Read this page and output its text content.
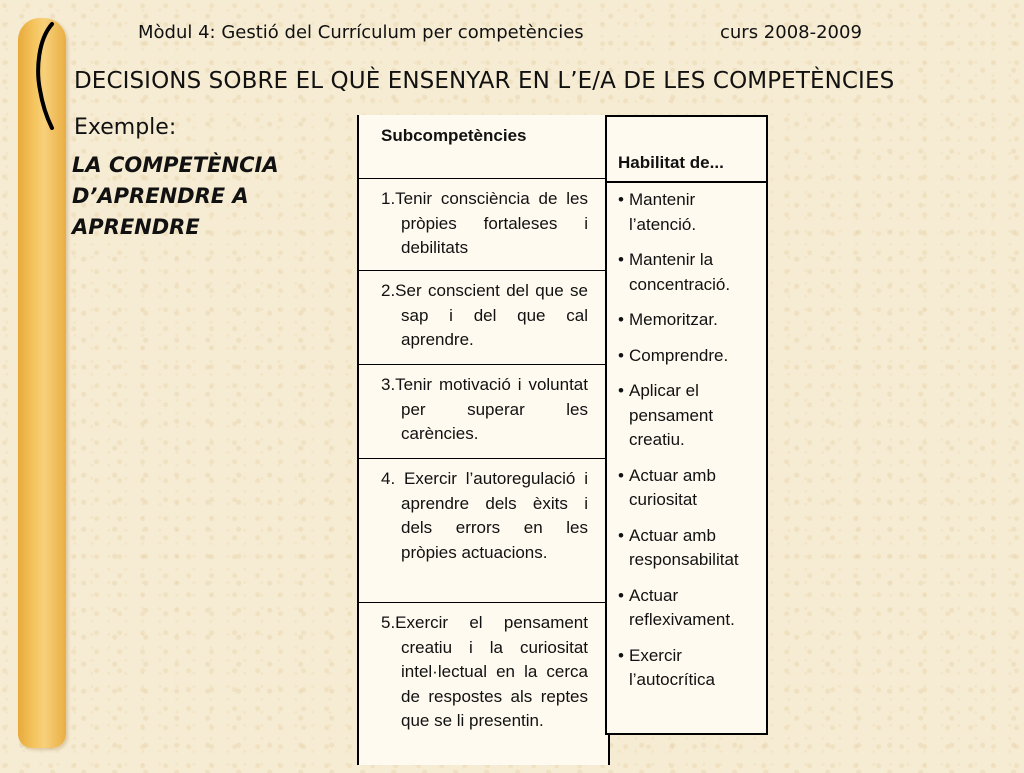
Mòdul 4: Gestió del Currículum per competències	curs 2008-2009
DECISIONS SOBRE EL QUÈ ENSENYAR EN L’E/A DE LES COMPETÈNCIES
Exemple:
LA COMPETÈNCIA
D’APRENDRE A
APRENDRE
Subcompetències
1.Tenir consciència de les pròpies fortaleses i debilitats
2.Ser conscient del que se sap i del que cal aprendre.
3.Tenir motivació i voluntat per superar les carències.
4. Exercir l’autoregulació i aprendre dels èxits i dels errors en les pròpies actuacions.
5.Exercir el pensament creatiu i la curiositat intel·lectual en la cerca de respostes als reptes que se li presentin.
Habilitat de...
• Mantenir l’atenció.
• Mantenir la concentració.
• Memoritzar.
• Comprendre.
• Aplicar el pensament creatiu.
• Actuar amb curiositat
• Actuar amb responsabilitat
• Actuar reflexivament.
• Exercir l’autocrítica
